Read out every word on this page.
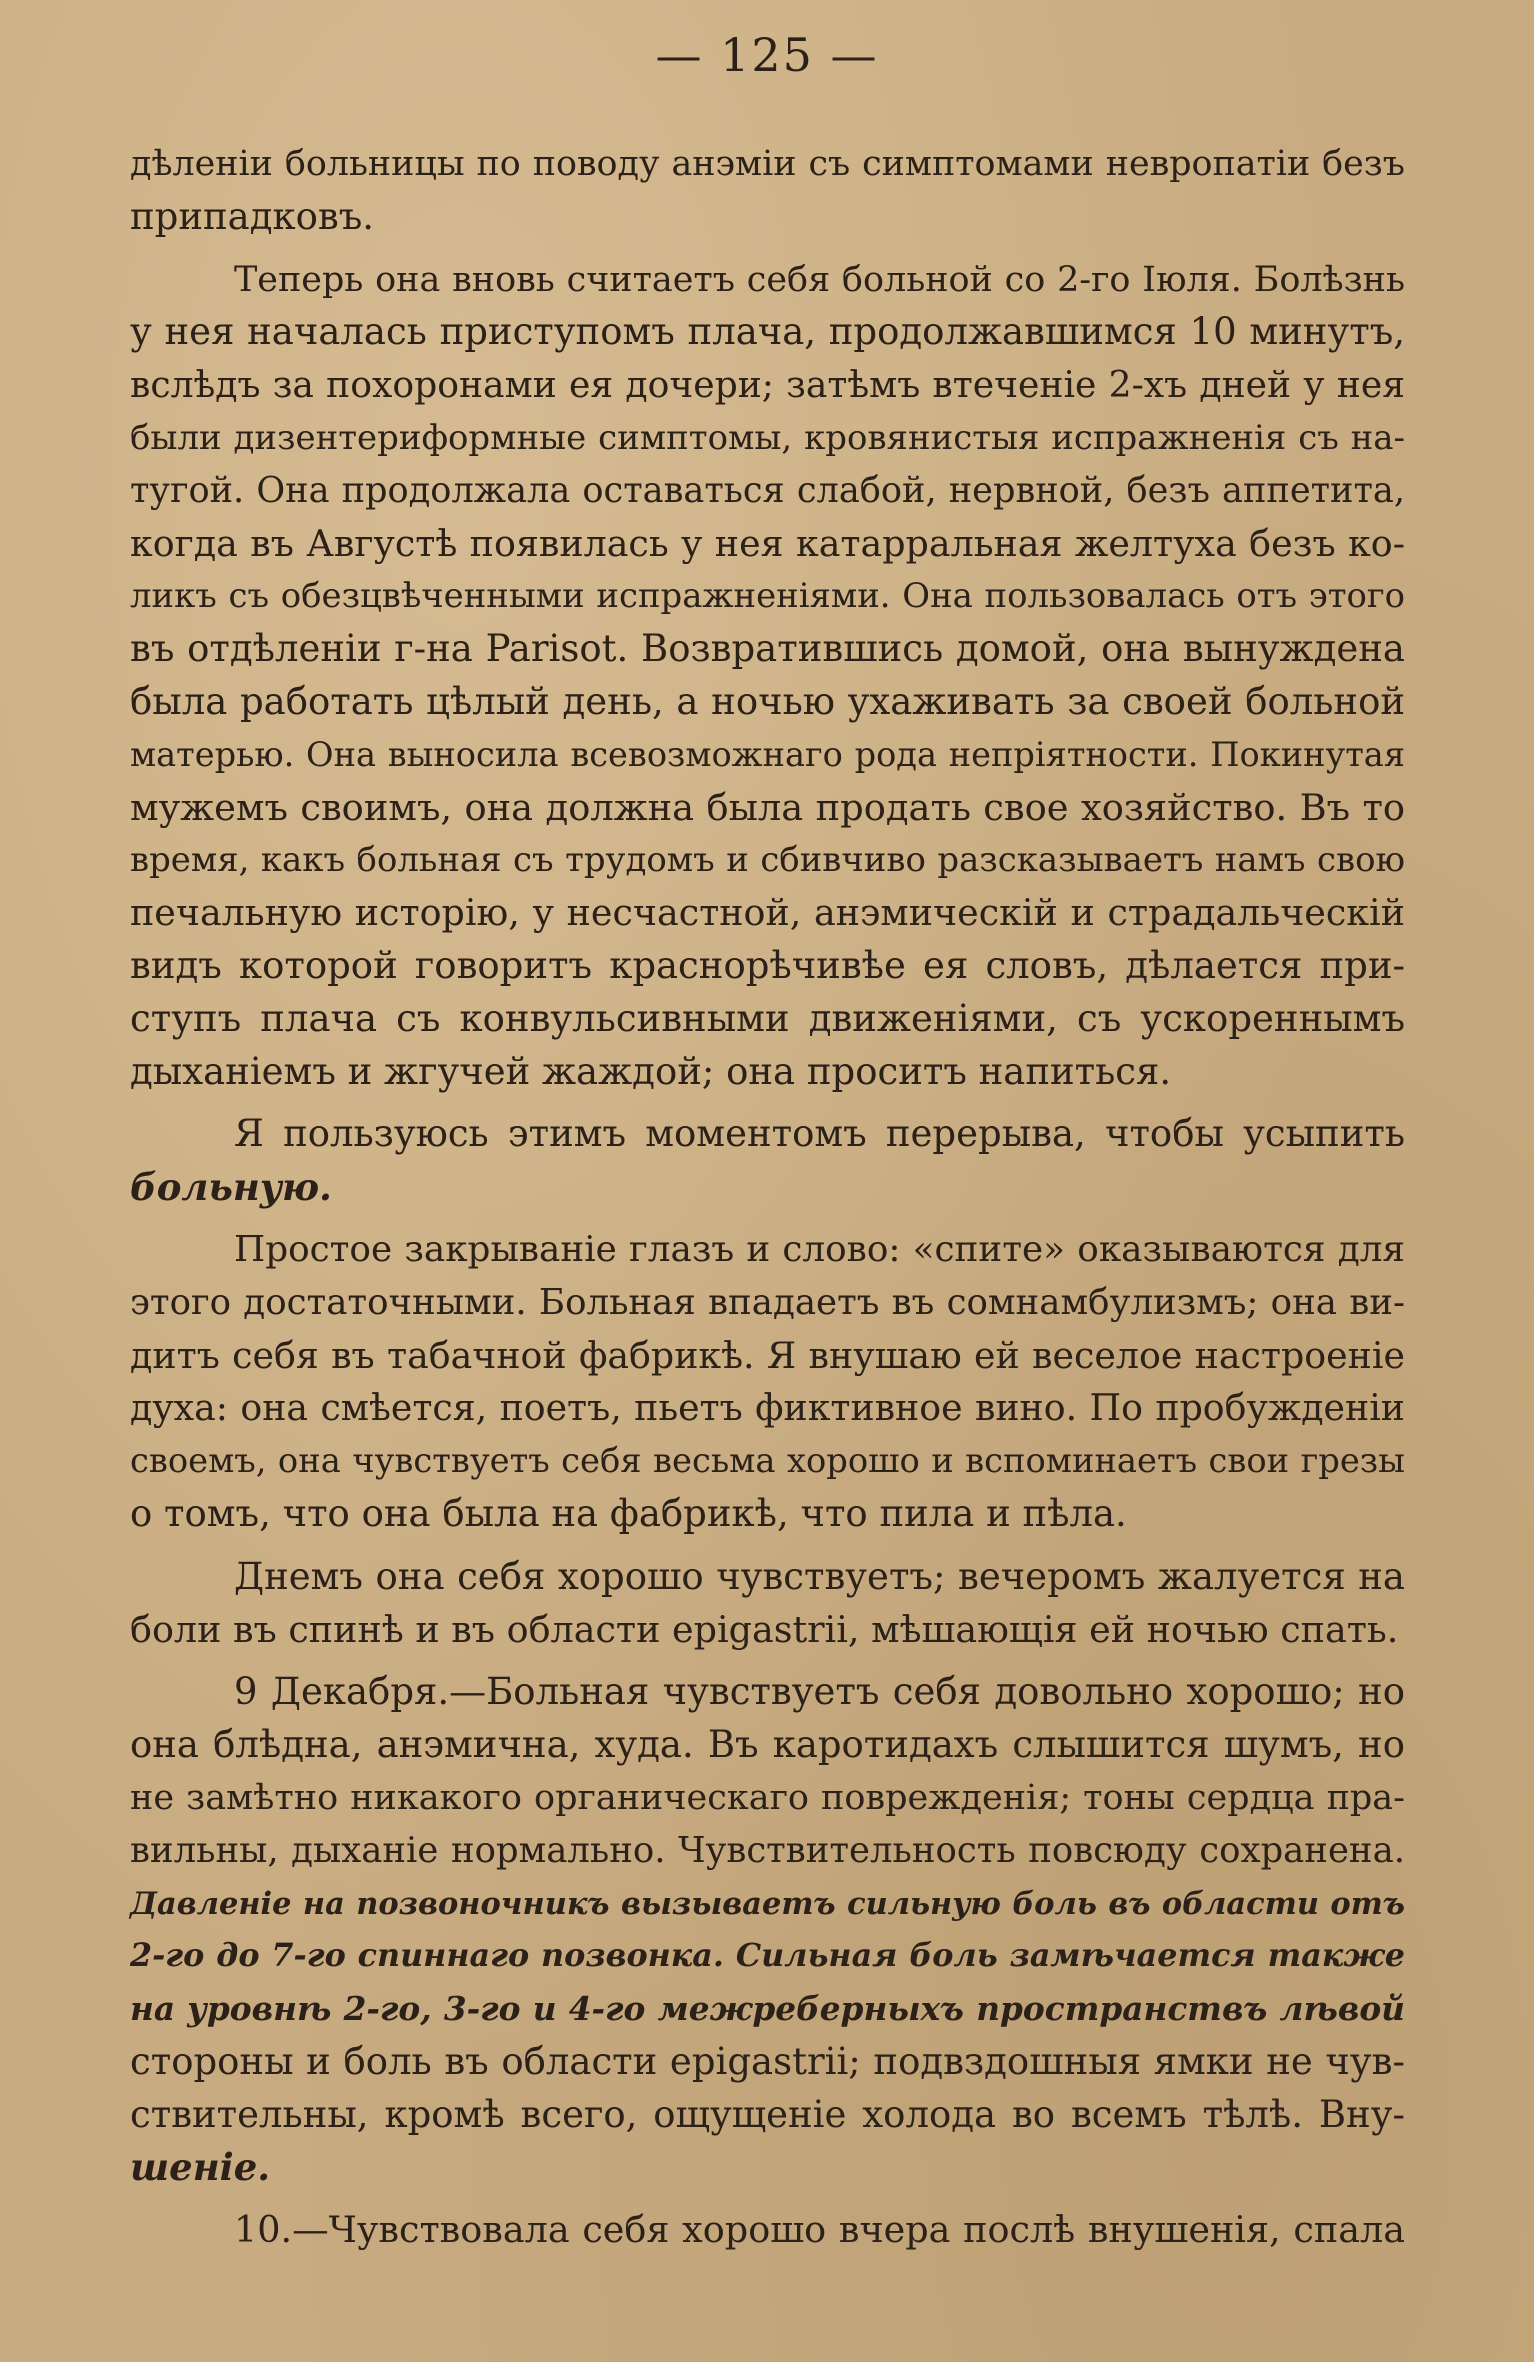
— 125 —
дѣленiи больницы по поводу анэмiи съ симптомами невропатiи безъ
припадковъ.
Теперь она вновь считаетъ себя больной со 2-го Iюля. Болѣзнь
у нея началась приступомъ плача, продолжавшимся 10 минутъ,
вслѣдъ за похоронами ея дочери; затѣмъ втеченiе 2-хъ дней у нея
были дизентериформные симптомы, кровянистыя испражненiя съ на-
тугой. Она продолжала оставаться слабой, нервной, безъ аппетита,
когда въ Августѣ появилась у нея катарральная желтуха безъ ко-
ликъ съ обезцвѣченными испражненiями. Она пользовалась отъ этого
въ отдѣленiи г-на Parisot. Возвратившись домой, она вынуждена
была работать цѣлый день, а ночью ухаживать за своей больной
матерью. Она выносила всевозможнаго рода непрiятности. Покинутая
мужемъ своимъ, она должна была продать свое хозяйство. Въ то
время, какъ больная съ трудомъ и сбивчиво разсказываетъ намъ свою
печальную исторiю, у несчастной, анэмическiй и страдальческiй
видъ которой говоритъ краснорѣчивѣе ея словъ, дѣлается при-
ступъ плача съ конвульсивными движенiями, съ ускореннымъ
дыханiемъ и жгучей жаждой; она проситъ напиться.
Я пользуюсь этимъ моментомъ перерыва, чтобы усыпить
больную.
Простое закрыванiе глазъ и слово: «спите» оказываются для
этого достаточными. Больная впадаетъ въ сомнамбулизмъ; она ви-
дитъ себя въ табачной фабрикѣ. Я внушаю ей веселое настроенiе
духа: она смѣется, поетъ, пьетъ фиктивное вино. По пробужденiи
своемъ, она чувствуетъ себя весьма хорошо и вспоминаетъ свои грезы
о томъ, что она была на фабрикѣ, что пила и пѣла.
Днемъ она себя хорошо чувствуетъ; вечеромъ жалуется на
боли въ спинѣ и въ области epigastrii, мѣшающiя ей ночью спать.
9 Декабря.—Больная чувствуетъ себя довольно хорошо; но
она блѣдна, анэмична, худа. Въ каротидахъ слышится шумъ, но
не замѣтно никакого органическаго поврежденiя; тоны сердца пра-
вильны, дыханiе нормально. Чувствительность повсюду сохранена.
Давленiе на позвоночникъ вызываетъ сильную боль въ области отъ
2-го до 7-го спиннаго позвонка. Сильная боль замѣчается также
на уровнѣ 2-го, 3-го и 4-го межреберныхъ пространствъ лѣвой
стороны и боль въ области epigastrii; подвздошныя ямки не чув-
ствительны, кромѣ всего, ощущенiе холода во всемъ тѣлѣ. Вну-
шенiе.
10.—Чувствовала себя хорошо вчера послѣ внушенiя, спала
